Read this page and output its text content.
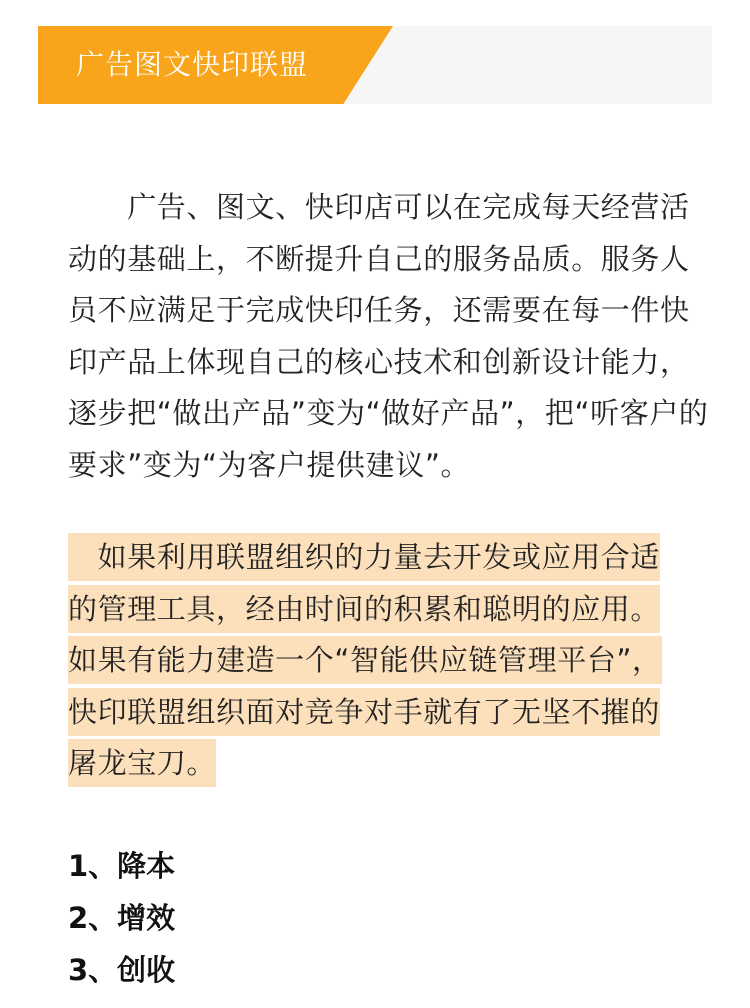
广告图文快印联盟

　　广告、图文、快印店可以在完成每天经营活动的基础上，不断提升自己的服务品质。服务人员不应满足于完成快印任务，还需要在每一件快印产品上体现自己的核心技术和创新设计能力，逐步把“做出产品”变为“做好产品”，把“听客户的要求”变为“为客户提供建议”。

　如果利用联盟组织的力量去开发或应用合适的管理工具，经由时间的积累和聪明的应用。如果有能力建造一个“智能供应链管理平台”，快印联盟组织面对竞争对手就有了无坚不摧的屠龙宝刀。

1、降本
2、增效
3、创收
